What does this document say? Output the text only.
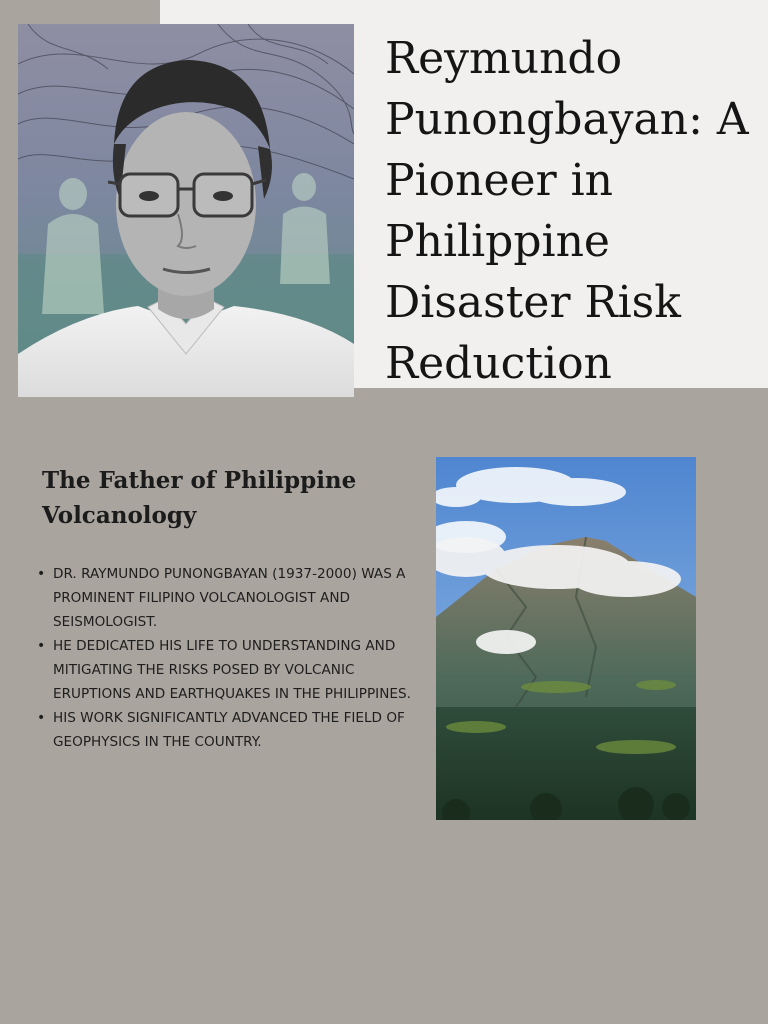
Reymundo Punongbayan: A Pioneer in Philippine Disaster Risk Reduction
The Father of Philippine Volcanology
• DR. RAYMUNDO PUNONGBAYAN (1937-2000) WAS A PROMINENT FILIPINO VOLCANOLOGIST AND SEISMOLOGIST.
• HE DEDICATED HIS LIFE TO UNDERSTANDING AND MITIGATING THE RISKS POSED BY VOLCANIC ERUPTIONS AND EARTHQUAKES IN THE PHILIPPINES.
• HIS WORK SIGNIFICANTLY ADVANCED THE FIELD OF GEOPHYSICS IN THE COUNTRY.
